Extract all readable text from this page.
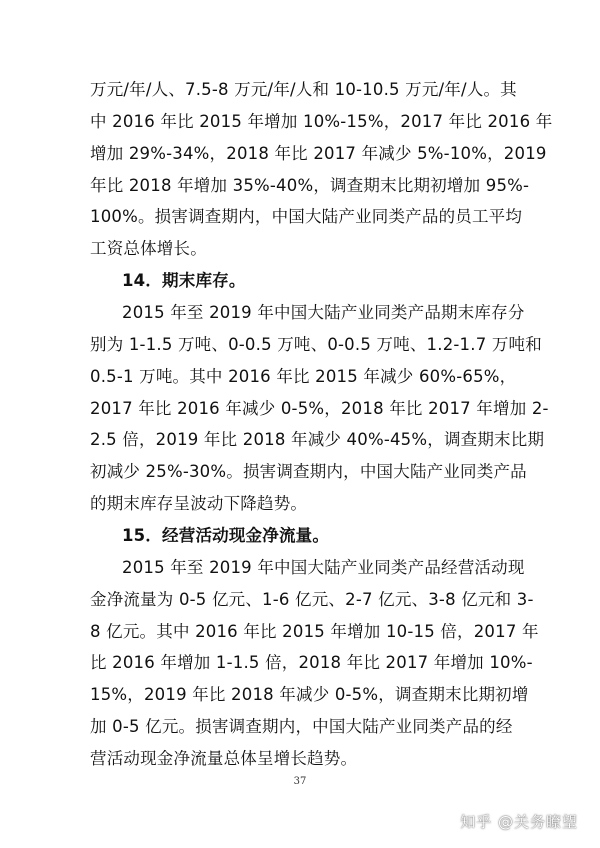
万元/年/人、7.5-8 万元/年/人和 10-10.5 万元/年/人。其
中 2016 年比 2015 年增加 10%-15%，2017 年比 2016 年
增加 29%-34%，2018 年比 2017 年减少 5%-10%，2019
年比 2018 年增加 35%-40%，调查期末比期初增加 95%-
100%。损害调查期内，中国大陆产业同类产品的员工平均
工资总体增长。
14．期末库存。
2015 年至 2019 年中国大陆产业同类产品期末库存分
别为 1-1.5 万吨、0-0.5 万吨、0-0.5 万吨、1.2-1.7 万吨和
0.5-1 万吨。其中 2016 年比 2015 年减少 60%-65%，
2017 年比 2016 年减少 0-5%，2018 年比 2017 年增加 2-
2.5 倍，2019 年比 2018 年减少 40%-45%，调查期末比期
初减少 25%-30%。损害调查期内，中国大陆产业同类产品
的期末库存呈波动下降趋势。
15．经营活动现金净流量。
2015 年至 2019 年中国大陆产业同类产品经营活动现
金净流量为 0-5 亿元、1-6 亿元、2-7 亿元、3-8 亿元和 3-
8 亿元。其中 2016 年比 2015 年增加 10-15 倍，2017 年
比 2016 年增加 1-1.5 倍，2018 年比 2017 年增加 10%-
15%，2019 年比 2018 年减少 0-5%，调查期末比期初增
加 0-5 亿元。损害调查期内，中国大陆产业同类产品的经
营活动现金净流量总体呈增长趋势。
37
知乎 @关务瞭望
